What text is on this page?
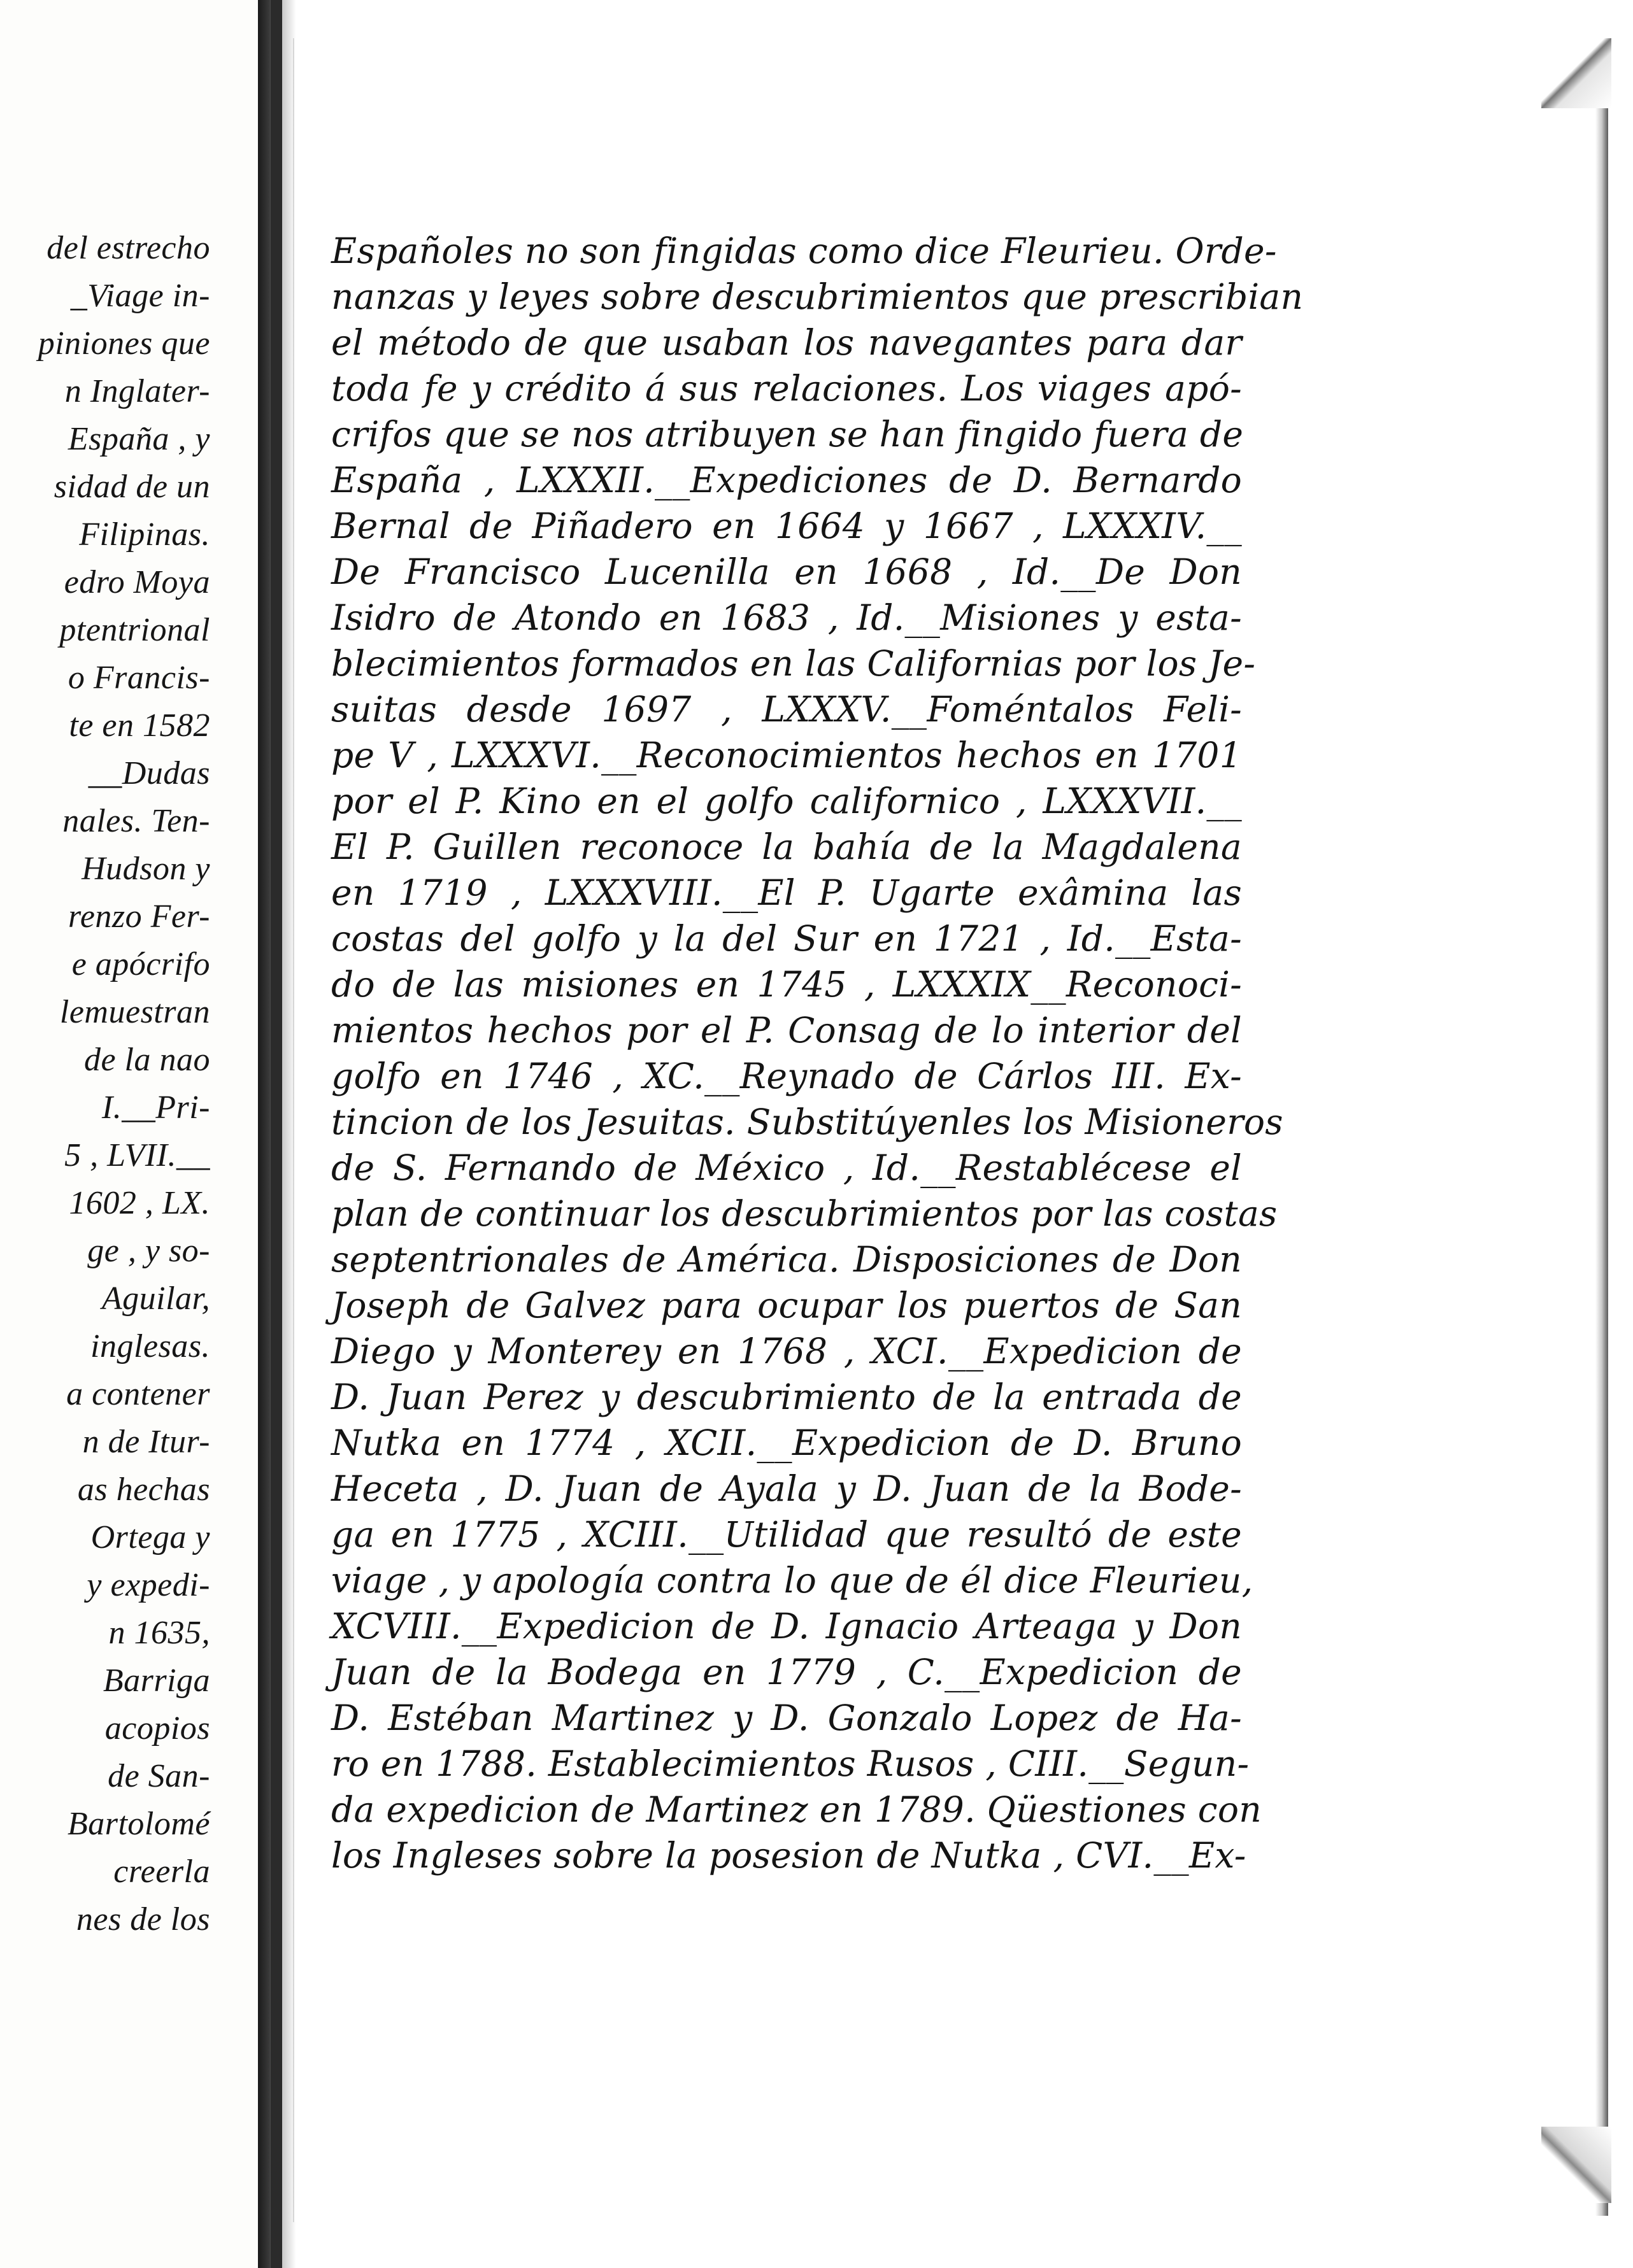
del estrecho
_Viage in-
piniones que
n Inglater-
España , y
sidad de un
Filipinas.
edro Moya
ptentrional
o Francis-
te en 1582
__Dudas
nales. Ten-
Hudson y
renzo Fer-
e apócrifo
lemuestran
de la nao
I.__Pri-
5 , LVII.__
1602 , LX.
ge , y so-
Aguilar,
inglesas.
a contener
n de Itur-
as hechas
Ortega y
y expedi-
n 1635,
Barriga
acopios
de San-
Bartolomé
creerla
nes de los
Españoles no son fingidas como dice Fleurieu. Orde-
nanzas y leyes sobre descubrimientos que prescribian
el método de que usaban los navegantes para dar
toda fe y crédito á sus relaciones. Los viages apó-
crifos que se nos atribuyen se han fingido fuera de
España , LXXXII.__Expediciones de D. Bernardo
Bernal de Piñadero en 1664 y 1667 , LXXXIV.__
De Francisco Lucenilla en 1668 , Id.__De Don
Isidro de Atondo en 1683 , Id.__Misiones y esta-
blecimientos formados en las Californias por los Je-
suitas desde 1697 , LXXXV.__Foméntalos Feli-
pe V , LXXXVI.__Reconocimientos hechos en 1701
por el P. Kino en el golfo californico , LXXXVII.__
El P. Guillen reconoce la bahía de la Magdalena
en 1719 , LXXXVIII.__El P. Ugarte exâmina las
costas del golfo y la del Sur en 1721 , Id.__Esta-
do de las misiones en 1745 , LXXXIX__Reconoci-
mientos hechos por el P. Consag de lo interior del
golfo en 1746 , XC.__Reynado de Cárlos III. Ex-
tincion de los Jesuitas. Substitúyenles los Misioneros
de S. Fernando de México , Id.__Restablécese el
plan de continuar los descubrimientos por las costas
septentrionales de América. Disposiciones de Don
Joseph de Galvez para ocupar los puertos de San
Diego y Monterey en 1768 , XCI.__Expedicion de
D. Juan Perez y descubrimiento de la entrada de
Nutka en 1774 , XCII.__Expedicion de D. Bruno
Heceta , D. Juan de Ayala y D. Juan de la Bode-
ga en 1775 , XCIII.__Utilidad que resultó de este
viage , y apología contra lo que de él dice Fleurieu,
XCVIII.__Expedicion de D. Ignacio Arteaga y Don
Juan de la Bodega en 1779 , C.__Expedicion de
D. Estéban Martinez y D. Gonzalo Lopez de Ha-
ro en 1788. Establecimientos Rusos , CIII.__Segun-
da expedicion de Martinez en 1789. Qüestiones con
los Ingleses sobre la posesion de Nutka , CVI.__Ex-
